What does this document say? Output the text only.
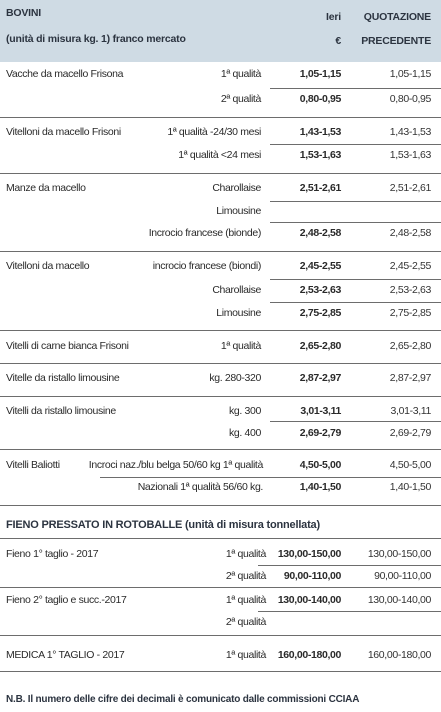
BOVINI
(unità di misura kg. 1) franco mercato
Ieri
€
QUOTAZIONE
PRECEDENTE
Vacche da macello Frisona	1ª qualità	1,05-1,15	1,05-1,15
2ª qualità	0,80-0,95	0,80-0,95
Vitelloni da macello Frisoni	1ª qualità -24/30 mesi	1,43-1,53	1,43-1,53
1ª qualità <24 mesi	1,53-1,63	1,53-1,63
Manze da macello	Charollaise	2,51-2,61	2,51-2,61
Limousine
Incrocio francese (bionde)	2,48-2,58	2,48-2,58
Vitelloni da macello	incrocio francese (biondi)	2,45-2,55	2,45-2,55
Charollaise	2,53-2,63	2,53-2,63
Limousine	2,75-2,85	2,75-2,85
Vitelli di carne bianca Frisoni	1ª qualità	2,65-2,80	2,65-2,80
Vitelle da ristallo limousine	kg. 280-320	2,87-2,97	2,87-2,97
Vitelli da ristallo limousine	kg. 300	3,01-3,11	3,01-3,11
kg. 400	2,69-2,79	2,69-2,79
Vitelli Baliotti	Incroci naz./blu belga 50/60 kg 1ª qualità	4,50-5,00	4,50-5,00
Nazionali 1ª qualità 56/60 kg.	1,40-1,50	1,40-1,50
FIENO PRESSATO IN ROTOBALLE (unità di misura tonnellata)
Fieno 1° taglio - 2017	1ª qualità 130,00-150,00	130,00-150,00
2ª qualità 90,00-110,00	90,00-110,00
Fieno 2° taglio e succ.-2017	1ª qualità 130,00-140,00	130,00-140,00
2ª qualità
MEDICA 1° TAGLIO - 2017	1ª qualità 160,00-180,00	160,00-180,00
N.B. Il numero delle cifre dei decimali è comunicato dalle commissioni CCIAA
